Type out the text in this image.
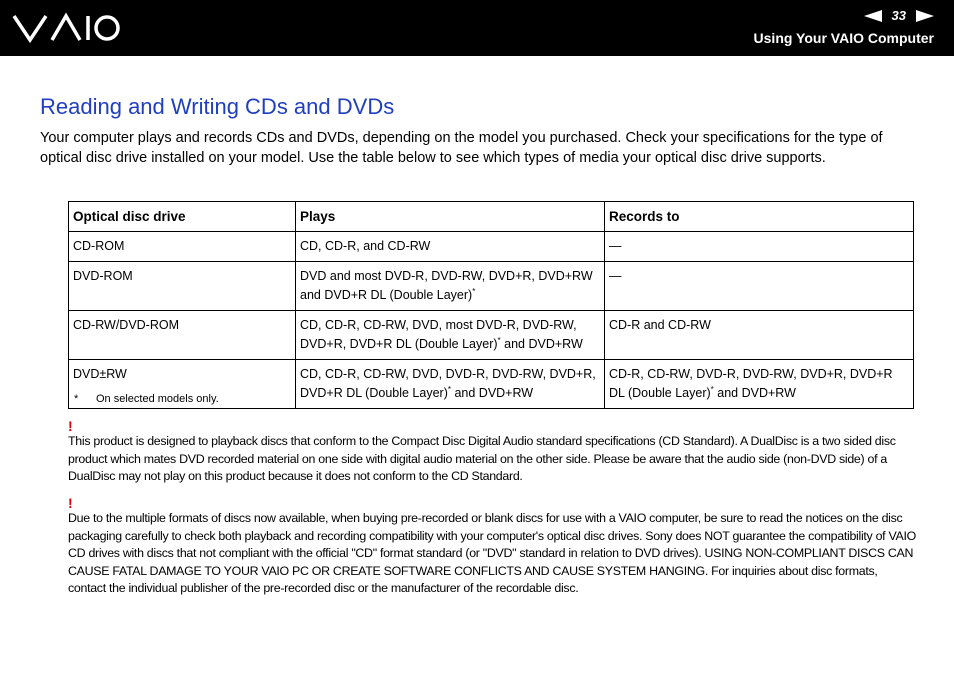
33
Using Your VAIO Computer
Reading and Writing CDs and DVDs

Your computer plays and records CDs and DVDs, depending on the model you purchased. Check your specifications for the type of optical disc drive installed on your model. Use the table below to see which types of media your optical disc drive supports.

Optical disc drive	Plays	Records to
CD-ROM	CD, CD-R, and CD-RW	—
DVD-ROM	DVD and most DVD-R, DVD-RW, DVD+R, DVD+RW and DVD+R DL (Double Layer)*	—
CD-RW/DVD-ROM	CD, CD-R, CD-RW, DVD, most DVD-R, DVD-RW, DVD+R, DVD+R DL (Double Layer)* and DVD+RW	CD-R and CD-RW
DVD±RW	CD, CD-R, CD-RW, DVD, DVD-R, DVD-RW, DVD+R, DVD+R DL (Double Layer)* and DVD+RW	CD-R, CD-RW, DVD-R, DVD-RW, DVD+R, DVD+R DL (Double Layer)* and DVD+RW
* On selected models only.
!

This product is designed to playback discs that conform to the Compact Disc Digital Audio standard specifications (CD Standard). A DualDisc is a two sided disc product which mates DVD recorded material on one side with digital audio material on the other side. Please be aware that the audio side (non-DVD side) of a DualDisc may not play on this product because it does not conform to the CD Standard.

!

Due to the multiple formats of discs now available, when buying pre-recorded or blank discs for use with a VAIO computer, be sure to read the notices on the disc packaging carefully to check both playback and recording compatibility with your computer's optical disc drives. Sony does NOT guarantee the compatibility of VAIO CD drives with discs that not compliant with the official "CD" format standard (or "DVD" standard in relation to DVD drives). USING NON-COMPLIANT DISCS CAN CAUSE FATAL DAMAGE TO YOUR VAIO PC OR CREATE SOFTWARE CONFLICTS AND CAUSE SYSTEM HANGING. For inquiries about disc formats, contact the individual publisher of the pre-recorded disc or the manufacturer of the recordable disc.
